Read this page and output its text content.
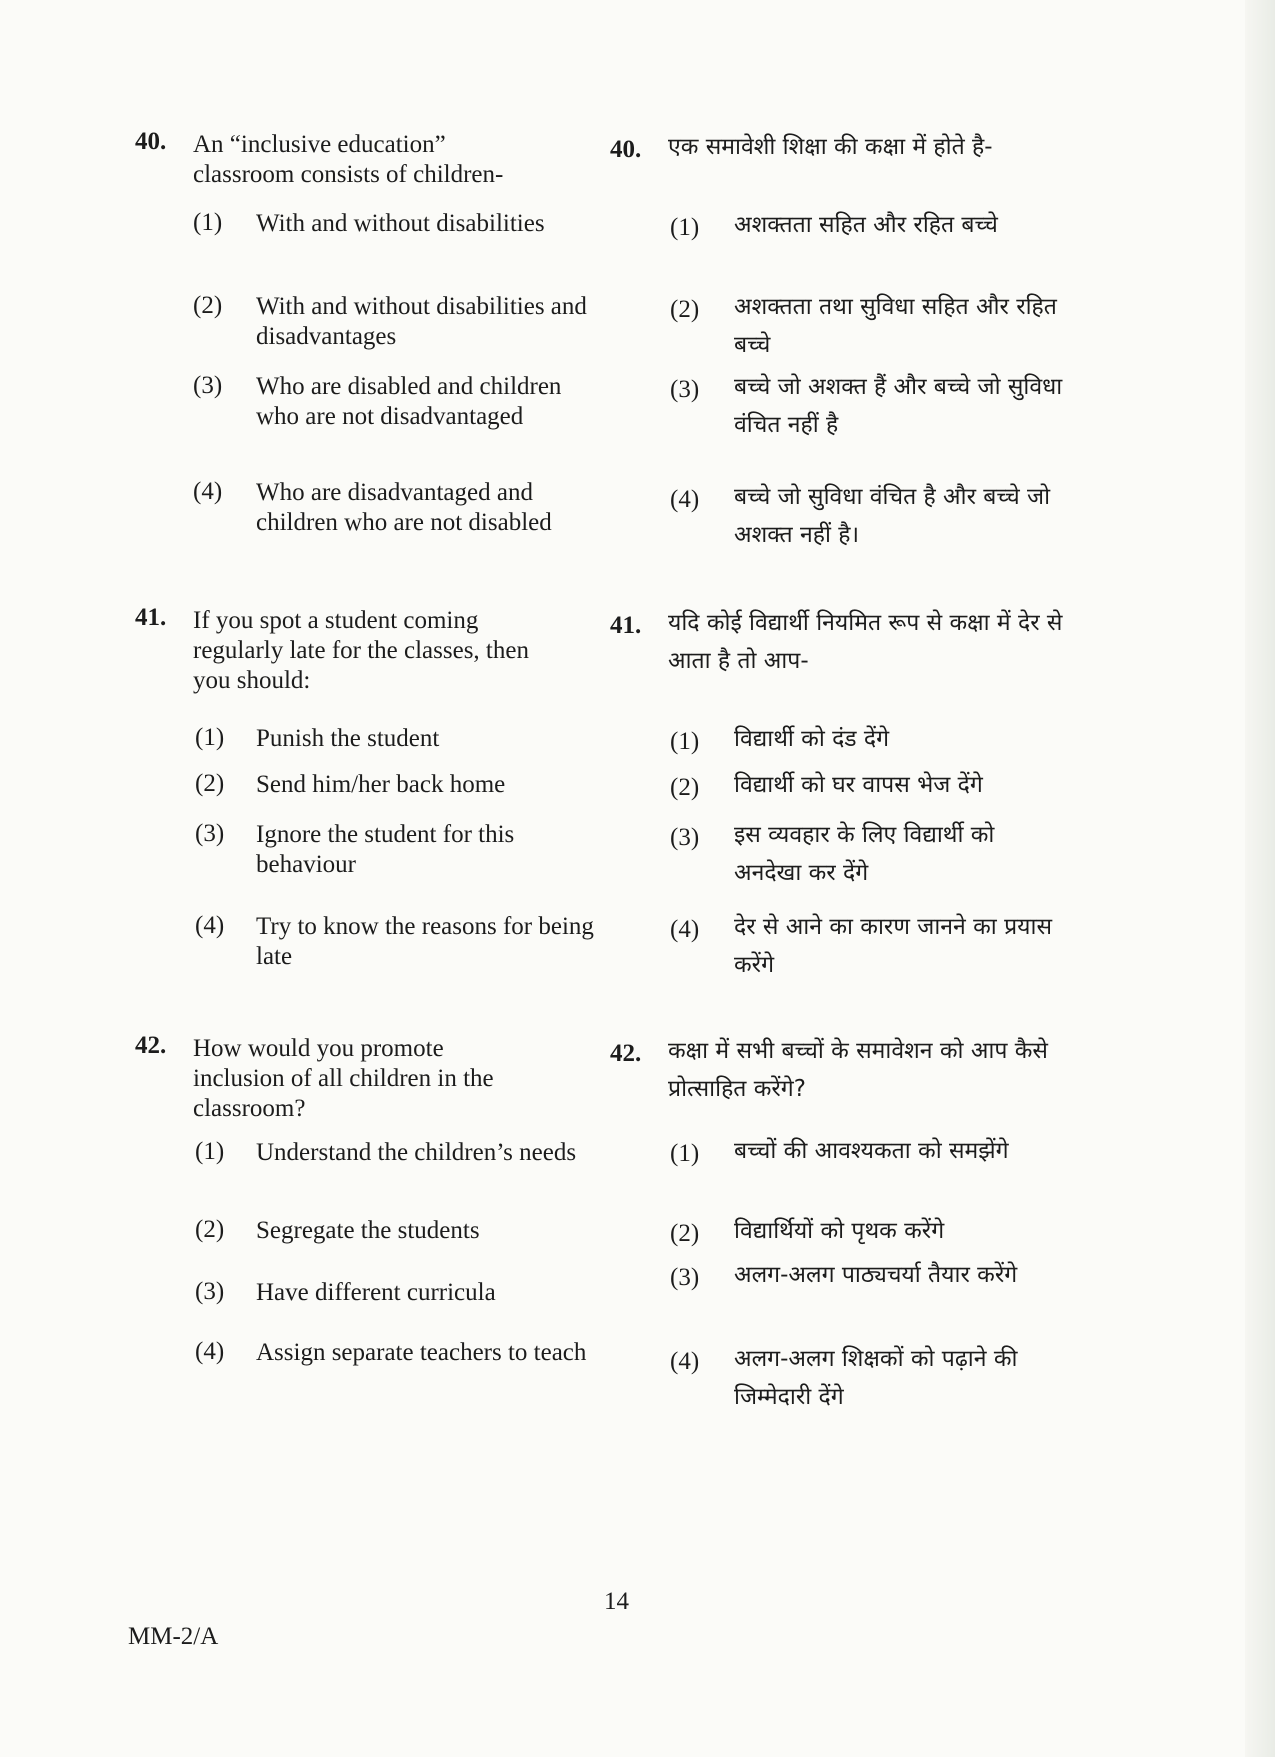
40. An “inclusive education” classroom consists of children-
(1) With and without disabilities
(2) With and without disabilities and disadvantages
(3) Who are disabled and children who are not disadvantaged
(4) Who are disadvantaged and children who are not disabled
40. एक समावेशी शिक्षा की कक्षा में होते है-
(1) अशक्तता सहित और रहित बच्चे
(2) अशक्तता तथा सुविधा सहित और रहित बच्चे
(3) बच्चे जो अशक्त हैं और बच्चे जो सुविधा वंचित नहीं है
(4) बच्चे जो सुविधा वंचित है और बच्चे जो अशक्त नहीं है।
41. If you spot a student coming regularly late for the classes, then you should:
(1) Punish the student
(2) Send him/her back home
(3) Ignore the student for this behaviour
(4) Try to know the reasons for being late
41. यदि कोई विद्यार्थी नियमित रूप से कक्षा में देर से आता है तो आप-
(1) विद्यार्थी को दंड देंगे
(2) विद्यार्थी को घर वापस भेज देंगे
(3) इस व्यवहार के लिए विद्यार्थी को अनदेखा कर देंगे
(4) देर से आने का कारण जानने का प्रयास करेंगे
42. How would you promote inclusion of all children in the classroom?
(1) Understand the children’s needs
(2) Segregate the students
(3) Have different curricula
(4) Assign separate teachers to teach
42. कक्षा में सभी बच्चों के समावेशन को आप कैसे प्रोत्साहित करेंगे?
(1) बच्चों की आवश्यकता को समझेंगे
(2) विद्यार्थियों को पृथक करेंगे
(3) अलग-अलग पाठ्यचर्या तैयार करेंगे
(4) अलग-अलग शिक्षकों को पढ़ाने की जिम्मेदारी देंगे
14
MM-2/A
